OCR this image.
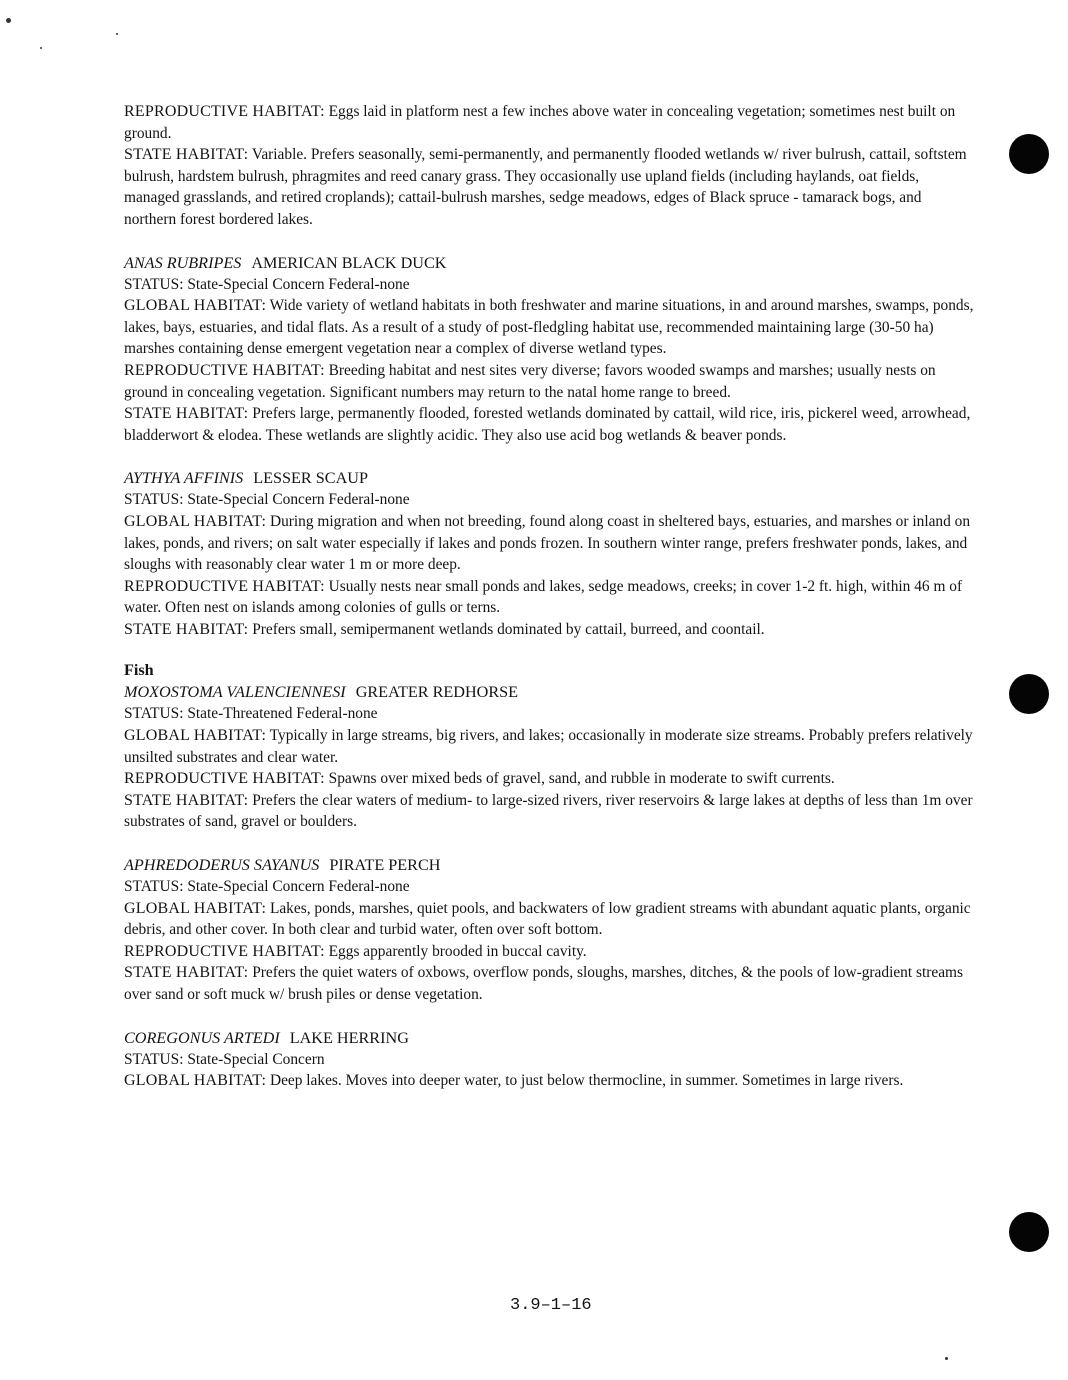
REPRODUCTIVE HABITAT: Eggs laid in platform nest a few inches above water in concealing vegetation; sometimes nest built on ground.

STATE HABITAT: Variable. Prefers seasonally, semi-permanently, and permanently flooded wetlands w/ river bulrush, cattail, softstem bulrush, hardstem bulrush, phragmites and reed canary grass. They occasionally use upland fields (including haylands, oat fields, managed grasslands, and retired croplands); cattail-bulrush marshes, sedge meadows, edges of Black spruce - tamarack bogs, and northern forest bordered lakes.

ANAS RUBRIPES AMERICAN BLACK DUCK

STATUS: State-Special Concern Federal-none

GLOBAL HABITAT: Wide variety of wetland habitats in both freshwater and marine situations, in and around marshes, swamps, ponds, lakes, bays, estuaries, and tidal flats. As a result of a study of post-fledgling habitat use, recommended maintaining large (30-50 ha) marshes containing dense emergent vegetation near a complex of diverse wetland types.

REPRODUCTIVE HABITAT: Breeding habitat and nest sites very diverse; favors wooded swamps and marshes; usually nests on ground in concealing vegetation. Significant numbers may return to the natal home range to breed.

STATE HABITAT: Prefers large, permanently flooded, forested wetlands dominated by cattail, wild rice, iris, pickerel weed, arrowhead, bladderwort & elodea. These wetlands are slightly acidic. They also use acid bog wetlands & beaver ponds.

AYTHYA AFFINIS LESSER SCAUP

STATUS: State-Special Concern Federal-none

GLOBAL HABITAT: During migration and when not breeding, found along coast in sheltered bays, estuaries, and marshes or inland on lakes, ponds, and rivers; on salt water especially if lakes and ponds frozen. In southern winter range, prefers freshwater ponds, lakes, and sloughs with reasonably clear water 1 m or more deep.

REPRODUCTIVE HABITAT: Usually nests near small ponds and lakes, sedge meadows, creeks; in cover 1-2 ft. high, within 46 m of water. Often nest on islands among colonies of gulls or terns.

STATE HABITAT: Prefers small, semipermanent wetlands dominated by cattail, burreed, and coontail.

Fish

MOXOSTOMA VALENCIENNESI GREATER REDHORSE

STATUS: State-Threatened Federal-none

GLOBAL HABITAT: Typically in large streams, big rivers, and lakes; occasionally in moderate size streams. Probably prefers relatively unsilted substrates and clear water.

REPRODUCTIVE HABITAT: Spawns over mixed beds of gravel, sand, and rubble in moderate to swift currents.

STATE HABITAT: Prefers the clear waters of medium- to large-sized rivers, river reservoirs & large lakes at depths of less than 1m over substrates of sand, gravel or boulders.

APHREDODERUS SAYANUS PIRATE PERCH

STATUS: State-Special Concern Federal-none

GLOBAL HABITAT: Lakes, ponds, marshes, quiet pools, and backwaters of low gradient streams with abundant aquatic plants, organic debris, and other cover. In both clear and turbid water, often over soft bottom.

REPRODUCTIVE HABITAT: Eggs apparently brooded in buccal cavity.

STATE HABITAT: Prefers the quiet waters of oxbows, overflow ponds, sloughs, marshes, ditches, & the pools of low-gradient streams over sand or soft muck w/ brush piles or dense vegetation.

COREGONUS ARTEDI LAKE HERRING

STATUS: State-Special Concern

GLOBAL HABITAT: Deep lakes. Moves into deeper water, to just below thermocline, in summer. Sometimes in large rivers.

3.9–1–16
